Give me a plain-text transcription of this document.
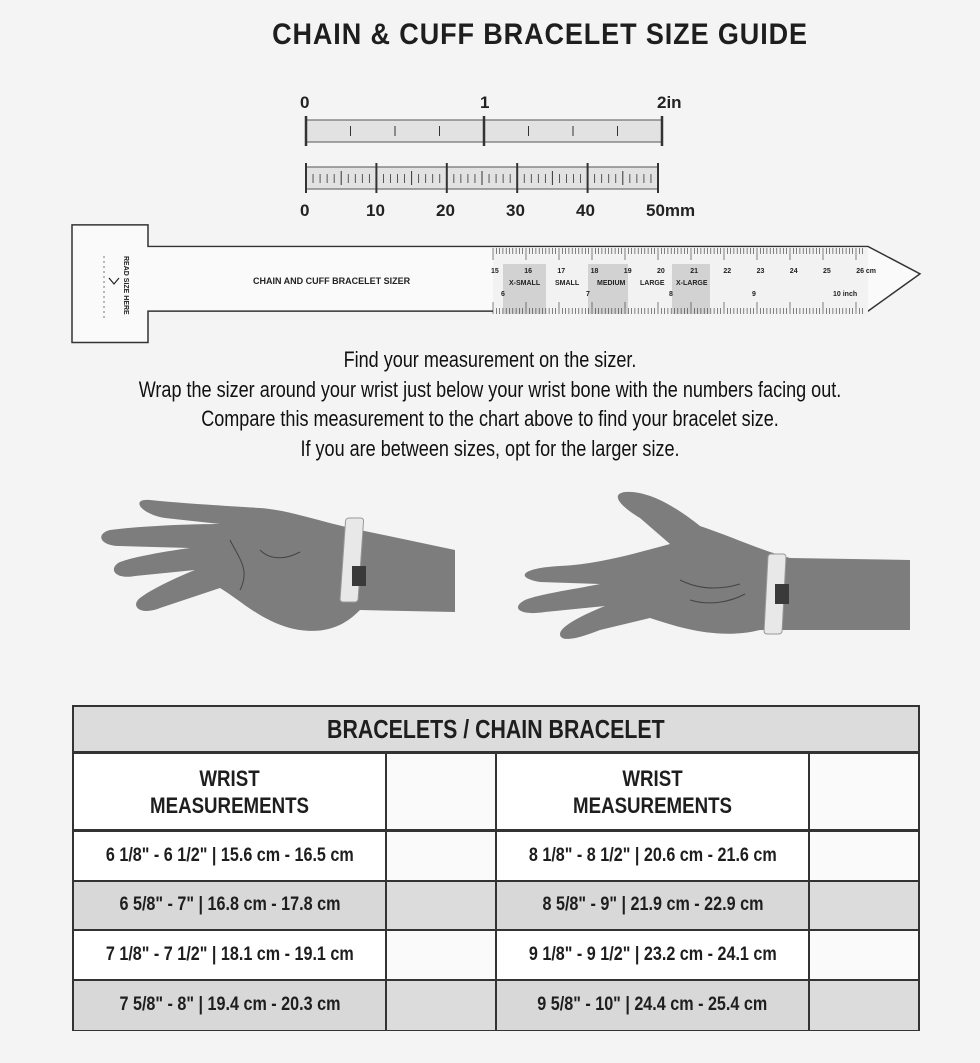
CHAIN & CUFF BRACELET SIZE GUIDE
0	1	2in
0	10	20	30	40	50mm
READ SIZE HERE	CHAIN AND CUFF BRACELET SIZER
15	16	17	18	19	20	21	22	23	24	25	26 cm
6	7	8	9	10 inch
X-SMALL SMALL	MEDIUM LARGE X-LARGE
Find your measurement on the sizer.
Wrap the sizer around your wrist just below your wrist bone with the numbers facing out.
Compare this measurement to the chart above to find your bracelet size.
If you are between sizes, opt for the larger size.
BRACELETS / CHAIN BRACELET
WRIST
MEASUREMENTS
WRIST
MEASUREMENTS
6 1/8" - 6 1/2" | 15.6 cm - 16.5 cm	8 1/8" - 8 1/2" | 20.6 cm - 21.6 cm
6 5/8" - 7" | 16.8 cm - 17.8 cm	8 5/8" - 9" | 21.9 cm - 22.9 cm
7 1/8" - 7 1/2" | 18.1 cm - 19.1 cm	9 1/8" - 9 1/2" | 23.2 cm - 24.1 cm
7 5/8" - 8" | 19.4 cm - 20.3 cm	9 5/8" - 10" | 24.4 cm - 25.4 cm
